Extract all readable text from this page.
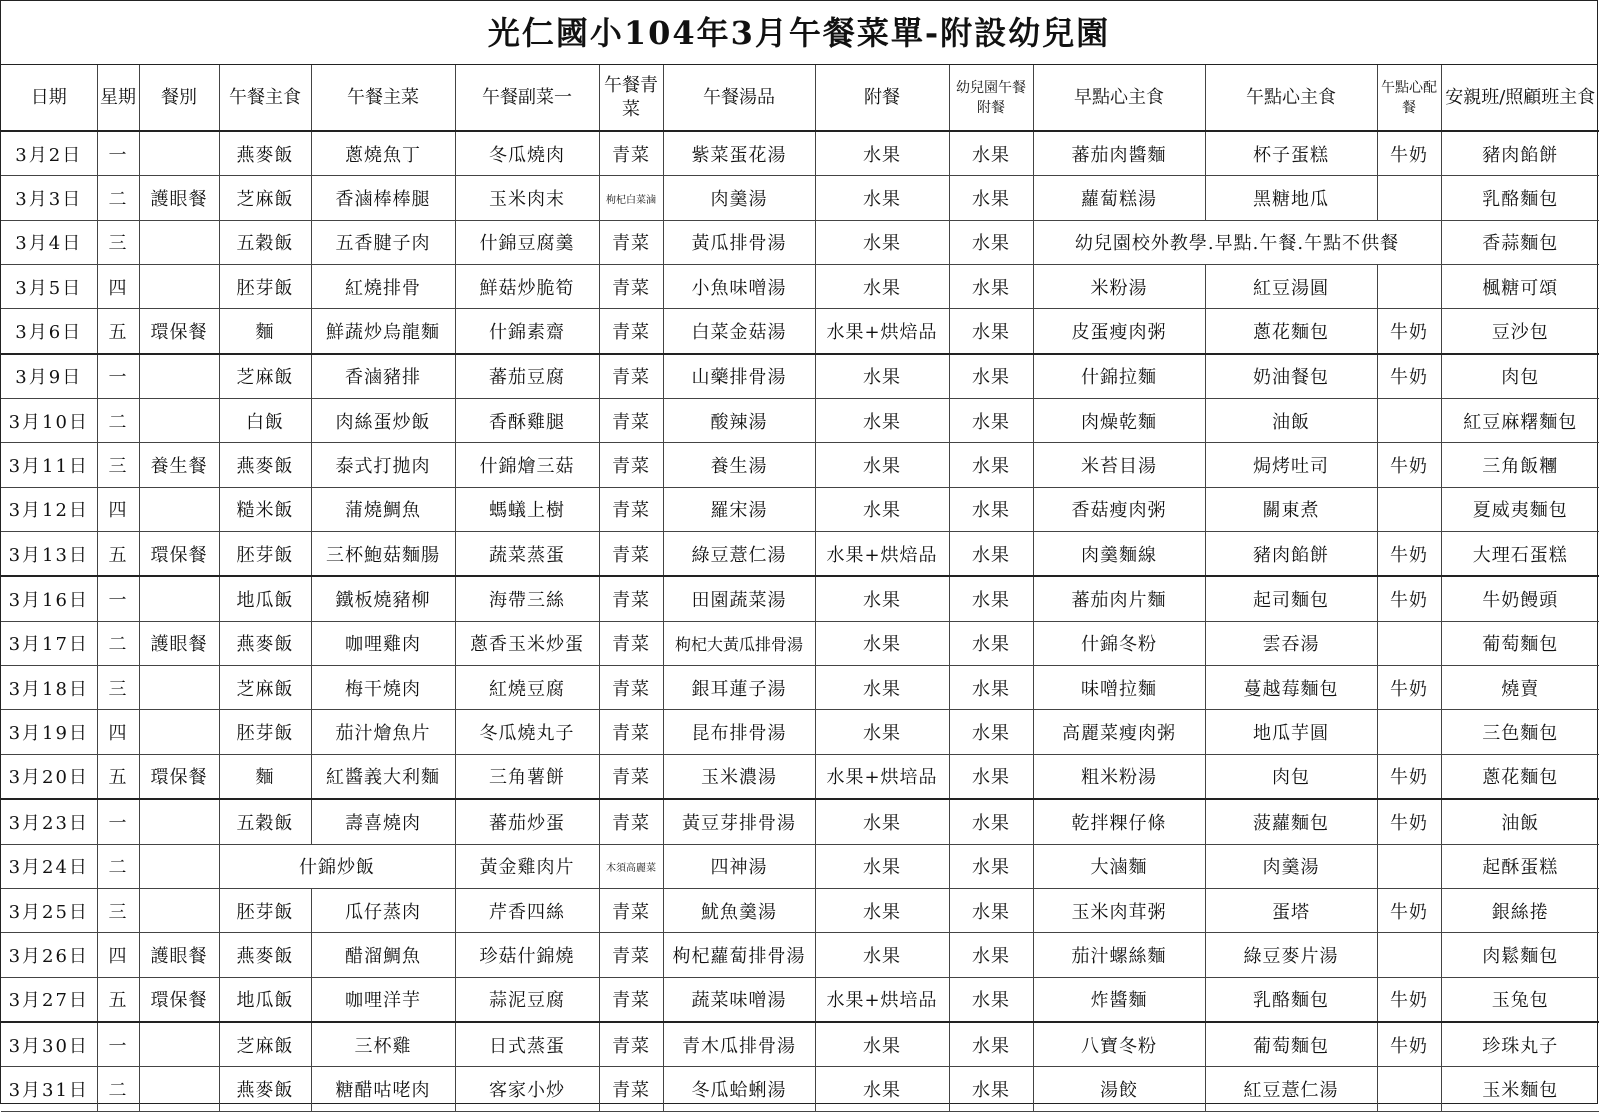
光仁國小104年3月午餐菜單-附設幼兒園
日期	星期	餐別	午餐主食	午餐主菜	午餐副菜一	午餐青菜	午餐湯品	附餐	幼兒園午餐附餐	早點心主食	午點心主食	午點心配餐	安親班/照顧班主食
3月2日	一		燕麥飯	蔥燒魚丁	冬瓜燒肉	青菜	紫菜蛋花湯	水果	水果	蕃茄肉醬麵	杯子蛋糕	牛奶	豬肉餡餅
3月3日	二	護眼餐	芝麻飯	香滷棒棒腿	玉米肉末	枸杞白菜滷	肉羹湯	水果	水果	蘿蔔糕湯	黑糖地瓜		乳酪麵包
3月4日	三		五穀飯	五香腱子肉	什錦豆腐羹	青菜	黃瓜排骨湯	水果	水果	幼兒園校外教學.早點.午餐.午點不供餐			香蒜麵包
3月5日	四		胚芽飯	紅燒排骨	鮮菇炒脆筍	青菜	小魚味噌湯	水果	水果	米粉湯	紅豆湯圓		楓糖可頌
3月6日	五	環保餐	麵	鮮蔬炒烏龍麵	什錦素齋	青菜	白菜金菇湯	水果+烘焙品	水果	皮蛋瘦肉粥	蔥花麵包	牛奶	豆沙包
3月9日	一		芝麻飯	香滷豬排	蕃茄豆腐	青菜	山藥排骨湯	水果	水果	什錦拉麵	奶油餐包	牛奶	肉包
3月10日	二		白飯	肉絲蛋炒飯	香酥雞腿	青菜	酸辣湯	水果	水果	肉燥乾麵	油飯		紅豆麻糬麵包
3月11日	三	養生餐	燕麥飯	泰式打拋肉	什錦燴三菇	青菜	養生湯	水果	水果	米苔目湯	焗烤吐司	牛奶	三角飯糰
3月12日	四		糙米飯	蒲燒鯛魚	螞蟻上樹	青菜	羅宋湯	水果	水果	香菇瘦肉粥	關東煮		夏威夷麵包
3月13日	五	環保餐	胚芽飯	三杯鮑菇麵腸	蔬菜蒸蛋	青菜	綠豆薏仁湯	水果+烘焙品	水果	肉羹麵線	豬肉餡餅	牛奶	大理石蛋糕
3月16日	一		地瓜飯	鐵板燒豬柳	海帶三絲	青菜	田園蔬菜湯	水果	水果	蕃茄肉片麵	起司麵包	牛奶	牛奶饅頭
3月17日	二	護眼餐	燕麥飯	咖哩雞肉	蔥香玉米炒蛋	青菜	枸杞大黃瓜排骨湯	水果	水果	什錦冬粉	雲吞湯		葡萄麵包
3月18日	三		芝麻飯	梅干燒肉	紅燒豆腐	青菜	銀耳蓮子湯	水果	水果	味噌拉麵	蔓越莓麵包	牛奶	燒賣
3月19日	四		胚芽飯	茄汁燴魚片	冬瓜燒丸子	青菜	昆布排骨湯	水果	水果	高麗菜瘦肉粥	地瓜芋圓		三色麵包
3月20日	五	環保餐	麵	紅醬義大利麵	三角薯餅	青菜	玉米濃湯	水果+烘培品	水果	粗米粉湯	肉包	牛奶	蔥花麵包
3月23日	一		五穀飯	壽喜燒肉	蕃茄炒蛋	青菜	黃豆芽排骨湯	水果	水果	乾拌粿仔條	菠蘿麵包	牛奶	油飯
3月24日	二		什錦炒飯		黃金雞肉片	木須高麗菜	四神湯	水果	水果	大滷麵	肉羹湯		起酥蛋糕
3月25日	三		胚芽飯	瓜仔蒸肉	芹香四絲	青菜	魷魚羹湯	水果	水果	玉米肉茸粥	蛋塔	牛奶	銀絲捲
3月26日	四	護眼餐	燕麥飯	醋溜鯛魚	珍菇什錦燒	青菜	枸杞蘿蔔排骨湯	水果	水果	茄汁螺絲麵	綠豆麥片湯		肉鬆麵包
3月27日	五	環保餐	地瓜飯	咖哩洋芋	蒜泥豆腐	青菜	蔬菜味噌湯	水果+烘培品	水果	炸醬麵	乳酪麵包	牛奶	玉兔包
3月30日	一		芝麻飯	三杯雞	日式蒸蛋	青菜	青木瓜排骨湯	水果	水果	八寶冬粉	葡萄麵包	牛奶	珍珠丸子
3月31日	二		燕麥飯	糖醋咕咾肉	客家小炒	青菜	冬瓜蛤蜊湯	水果	水果	湯餃	紅豆薏仁湯		玉米麵包
